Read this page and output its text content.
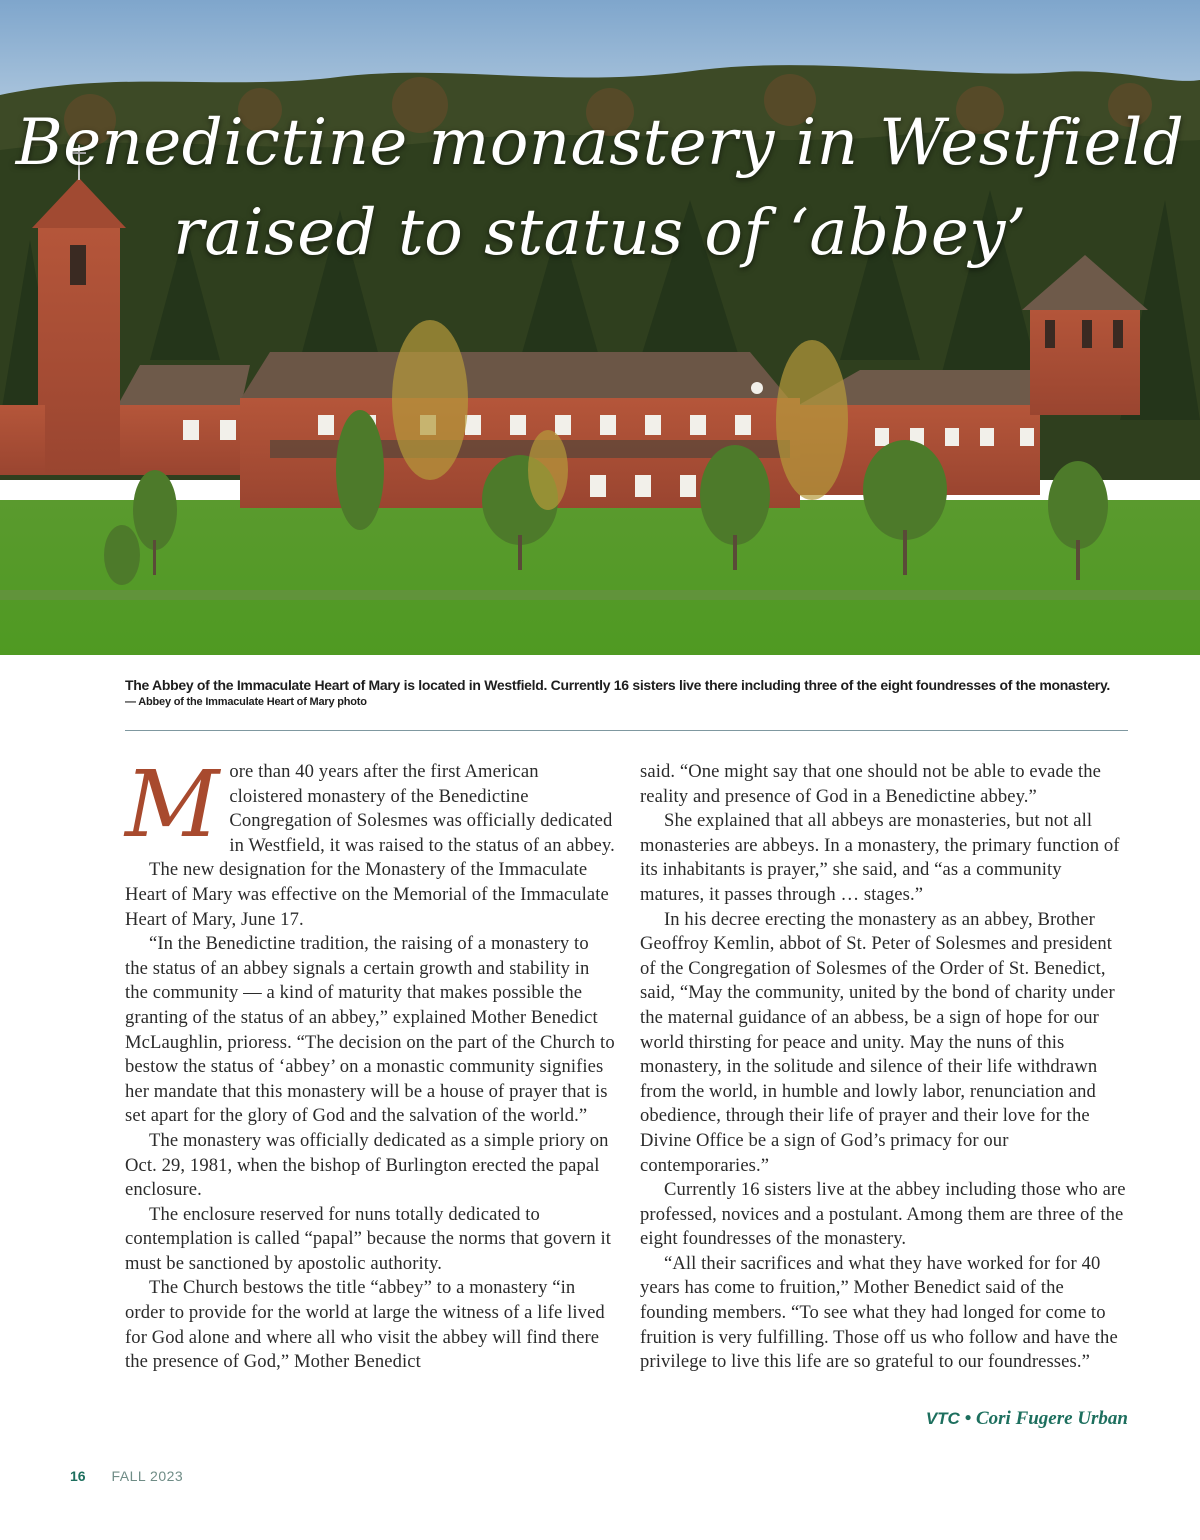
Benedictine monastery in Westfield
raised to status of ‘abbey’
The Abbey of the Immaculate Heart of Mary is located in Westfield. Currently 16 sisters live there including three of the eight foundresses of the monastery.
— Abbey of the Immaculate Heart of Mary photo

More than 40 years after the first American cloistered monastery of the Benedictine Congregation of Solesmes was officially dedicated in Westfield, it was raised to the status of an abbey.

The new designation for the Monastery of the Immaculate Heart of Mary was effective on the Memorial of the Immaculate Heart of Mary, June 17.

“In the Benedictine tradition, the raising of a monastery to the status of an abbey signals a certain growth and stability in the community — a kind of maturity that makes possible the granting of the status of an abbey,” explained Mother Benedict McLaughlin, prioress. “The decision on the part of the Church to bestow the status of ‘abbey’ on a monastic community signifies her mandate that this monastery will be a house of prayer that is set apart for the glory of God and the salvation of the world.”

The monastery was officially dedicated as a simple priory on Oct. 29, 1981, when the bishop of Burlington erected the papal enclosure.

The enclosure reserved for nuns totally dedicated to contemplation is called “papal” because the norms that govern it must be sanctioned by apostolic authority.

The Church bestows the title “abbey” to a monastery “in order to provide for the world at large the witness of a life lived for God alone and where all who visit the abbey will find there the presence of God,” Mother Benedict

said. “One might say that one should not be able to evade the reality and presence of God in a Benedictine abbey.”

She explained that all abbeys are monasteries, but not all monasteries are abbeys. In a monastery, the primary function of its inhabitants is prayer,” she said, and “as a community matures, it passes through … stages.”

In his decree erecting the monastery as an abbey, Brother Geoffroy Kemlin, abbot of St. Peter of Solesmes and president of the Congregation of Solesmes of the Order of St. Benedict, said, “May the community, united by the bond of charity under the maternal guidance of an abbess, be a sign of hope for our world thirsting for peace and unity. May the nuns of this monastery, in the solitude and silence of their life withdrawn from the world, in humble and lowly labor, renunciation and obedience, through their life of prayer and their love for the Divine Office be a sign of God’s primacy for our contemporaries.”

Currently 16 sisters live at the abbey including those who are professed, novices and a postulant. Among them are three of the eight foundresses of the monastery.

“All their sacrifices and what they have worked for for 40 years has come to fruition,” Mother Benedict said of the founding members. “To see what they had longed for come to fruition is very fulfilling. Those off us who follow and have the privilege to live this life are so grateful to our foundresses.”

VTC • Cori Fugere Urban
16 FALL 2023
